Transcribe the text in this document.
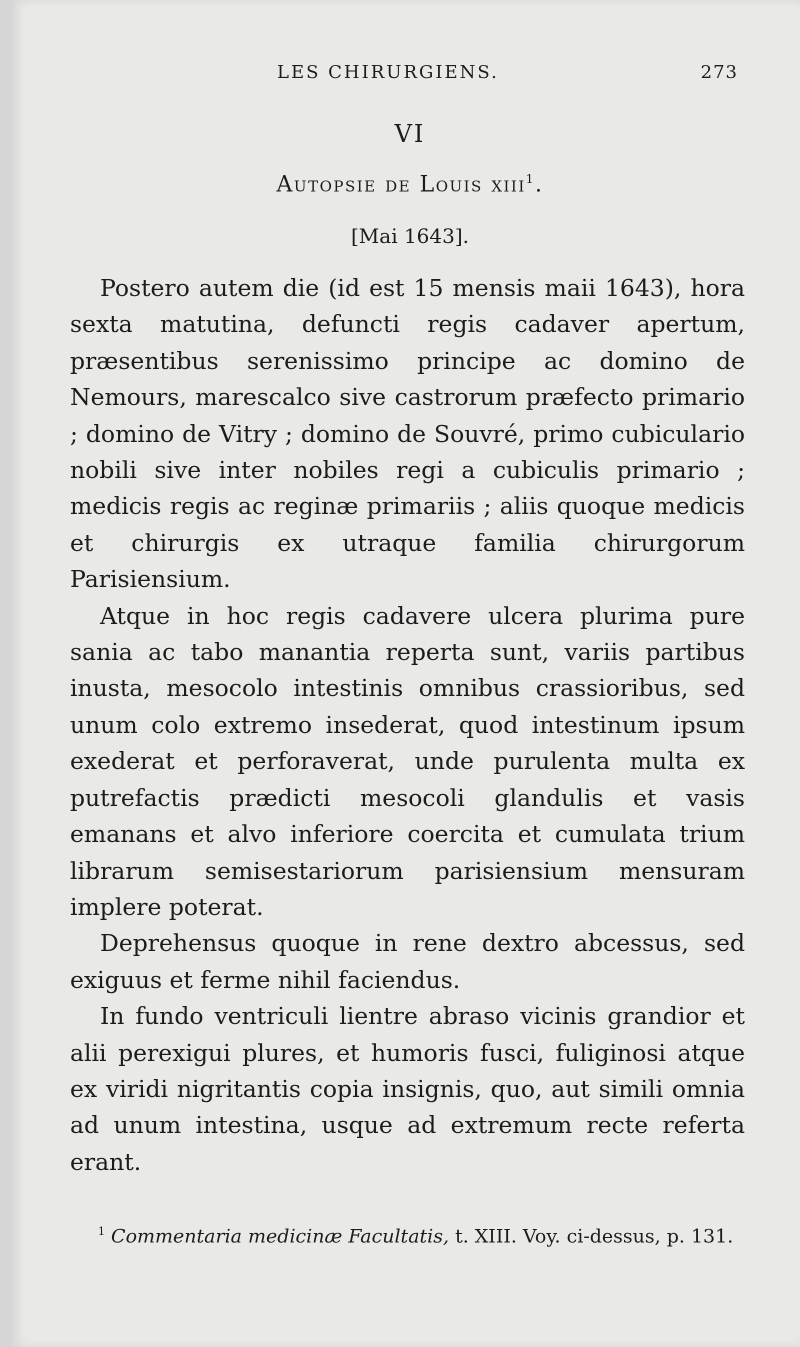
LES CHIRURGIENS.	273
VI
Autopsie de Louis xiii$^1$.
[Mai 1643].

Postero autem die (id est 15 mensis maii 1643), hora sexta matutina, defuncti regis cadaver apertum, præsentibus serenissimo principe ac domino de Nemours, marescalco sive castrorum præfecto primario ; domino de Vitry ; domino de Souvré, primo cubiculario nobili sive inter nobiles regi a cubiculis primario ; medicis regis ac reginæ primariis ; aliis quoque medicis et chirurgis ex utraque familia chirurgorum Parisiensium.

Atque in hoc regis cadavere ulcera plurima pure sania ac tabo manantia reperta sunt, variis partibus inusta, mesocolo intestinis omnibus crassioribus, sed unum colo extremo insederat, quod intestinum ipsum exederat et perforaverat, unde purulenta multa ex putrefactis prædicti mesocoli glandulis et vasis emanans et alvo inferiore coercita et cumulata trium librarum semisestariorum parisiensium mensuram implere poterat.

Deprehensus quoque in rene dextro abcessus, sed exiguus et ferme nihil faciendus.

In fundo ventriculi lientre abraso vicinis grandior et alii perexigui plures, et humoris fusci, fuliginosi atque ex viridi nigritantis copia insignis, quo, aut simili omnia ad unum intestina, usque ad extremum recte referta erant.

$^1$ Commentaria medicinæ Facultatis, t. XIII. Voy. ci-dessus, p. 131.
